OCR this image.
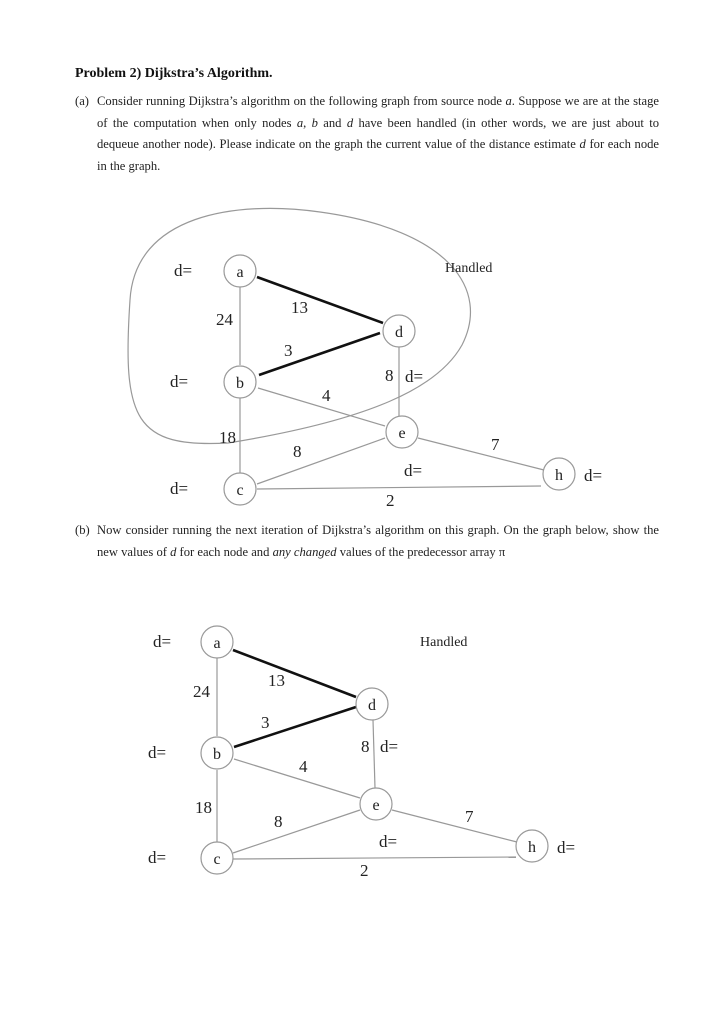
Problem 2) Dijkstra’s Algorithm.
(a) Consider running Dijkstra’s algorithm on the following graph from source node a. Suppose we are at the stage of the computation when only nodes a, b and d have been handled (in other words, we are just about to dequeue another node). Please indicate on the graph the current value of the distance estimate d for each node in the graph.
Handled
a
b
c
d
e
h
24
13
3
4
18
8
8	7
2
d=
d=
d=
d=
d=	d=
(b) Now consider running the next iteration of Dijkstra’s algorithm on this graph. On the graph below, show the new values of d for each node and any changed values of the predecessor array π
Handled
a
b
c
d
e
h
24
13
3
4
18
8
8	7
2
d=
d=
d=
d=
d=	d=
